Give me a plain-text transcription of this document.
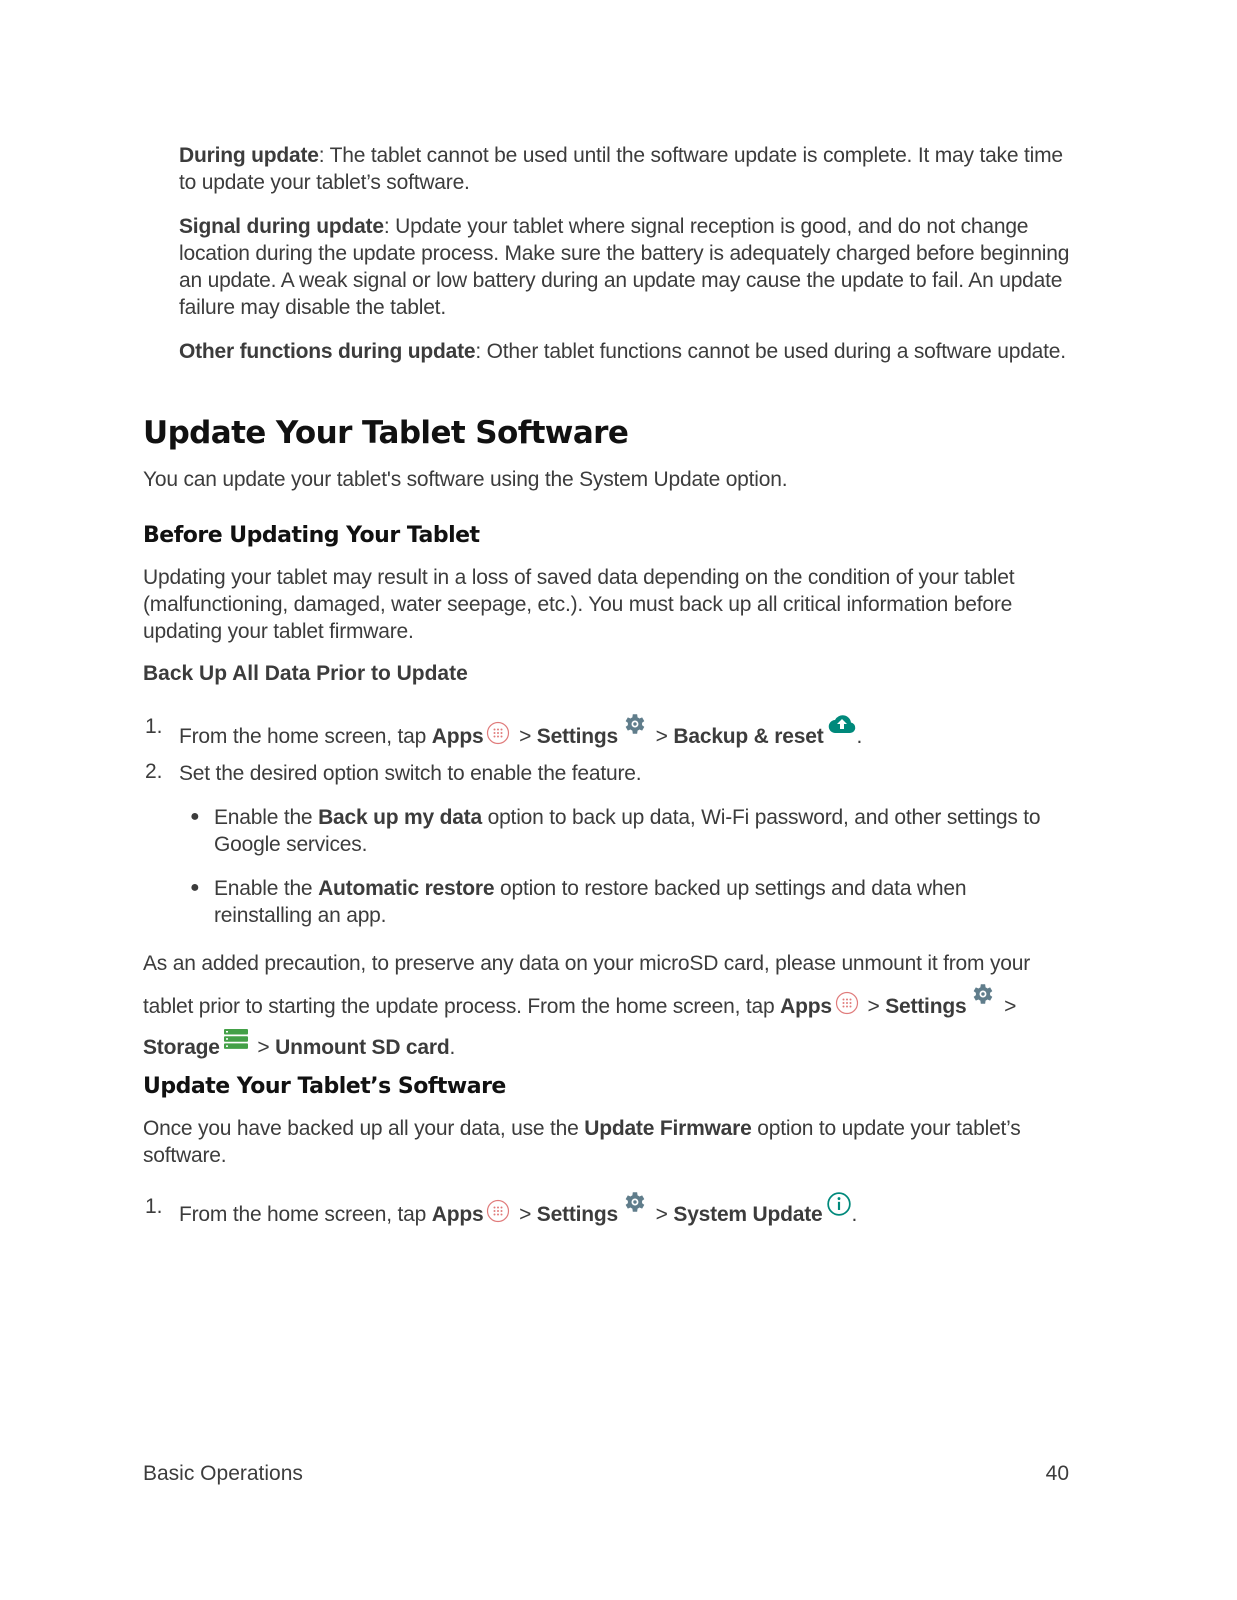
During update: The tablet cannot be used until the software update is complete. It may take time to update your tablet’s software.

Signal during update: Update your tablet where signal reception is good, and do not change location during the update process. Make sure the battery is adequately charged before beginning an update. A weak signal or low battery during an update may cause the update to fail. An update failure may disable the tablet.

Other functions during update: Other tablet functions cannot be used during a software update.

Update Your Tablet Software

You can update your tablet's software using the System Update option.

Before Updating Your Tablet

Updating your tablet may result in a loss of saved data depending on the condition of your tablet (malfunctioning, damaged, water seepage, etc.). You must back up all critical information before updating your tablet firmware.

Back Up All Data Prior to Update
1. From the home screen, tap Apps > Settings > Backup & reset .

2. Set the desired option switch to enable the feature.

● Enable the Back up my data option to back up data, Wi-Fi password, and other settings to Google services.

● Enable the Automatic restore option to restore backed up settings and data when reinstalling an app.

As an added precaution, to preserve any data on your microSD card, please unmount it from your tablet prior to starting the update process. From the home screen, tap Apps > Settings > Storage > Unmount SD card.

Update Your Tablet’s Software

Once you have backed up all your data, use the Update Firmware option to update your tablet’s software.

1. From the home screen, tap Apps > Settings > System Update .

Basic Operations	40
